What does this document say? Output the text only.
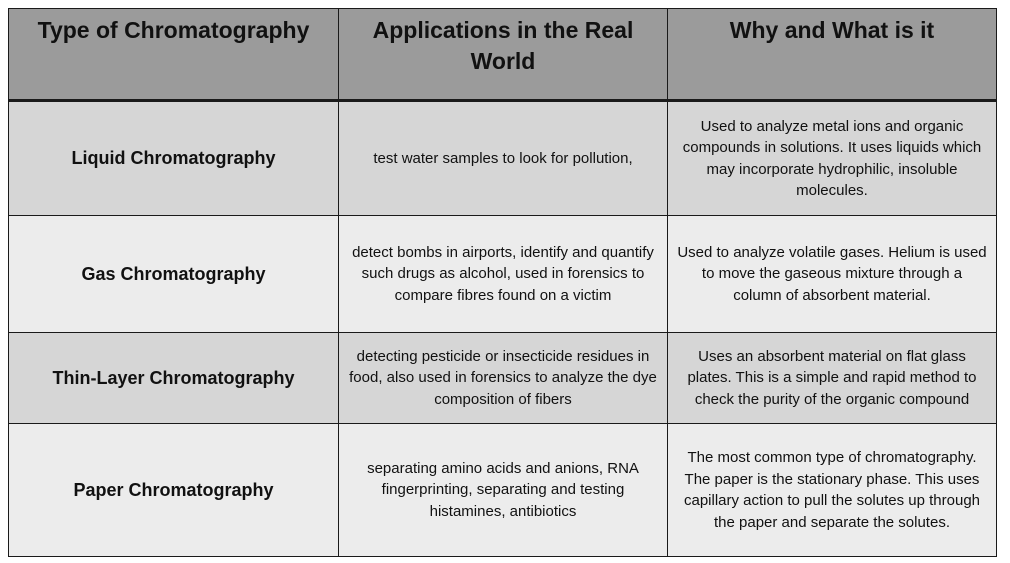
Type of Chromatography	Applications in the Real World	Why and What is it
Liquid Chromatography	test water samples to look for pollution,	Used to analyze metal ions and organic compounds in solutions. It uses liquids which may incorporate hydrophilic, insoluble molecules.
Gas Chromatography	detect bombs in airports, identify and quantify such drugs as alcohol, used in forensics to compare fibres found on a victim	Used to analyze volatile gases. Helium is used to move the gaseous mixture through a column of absorbent material.
Thin-Layer Chromatography	detecting pesticide or insecticide residues in food, also used in forensics to analyze the dye composition of fibers	Uses an absorbent material on flat glass plates. This is a simple and rapid method to check the purity of the organic compound
Paper Chromatography	separating amino acids and anions, RNA fingerprinting, separating and testing histamines, antibiotics	The most common type of chromatography. The paper is the stationary phase. This uses capillary action to pull the solutes up through the paper and separate the solutes.
